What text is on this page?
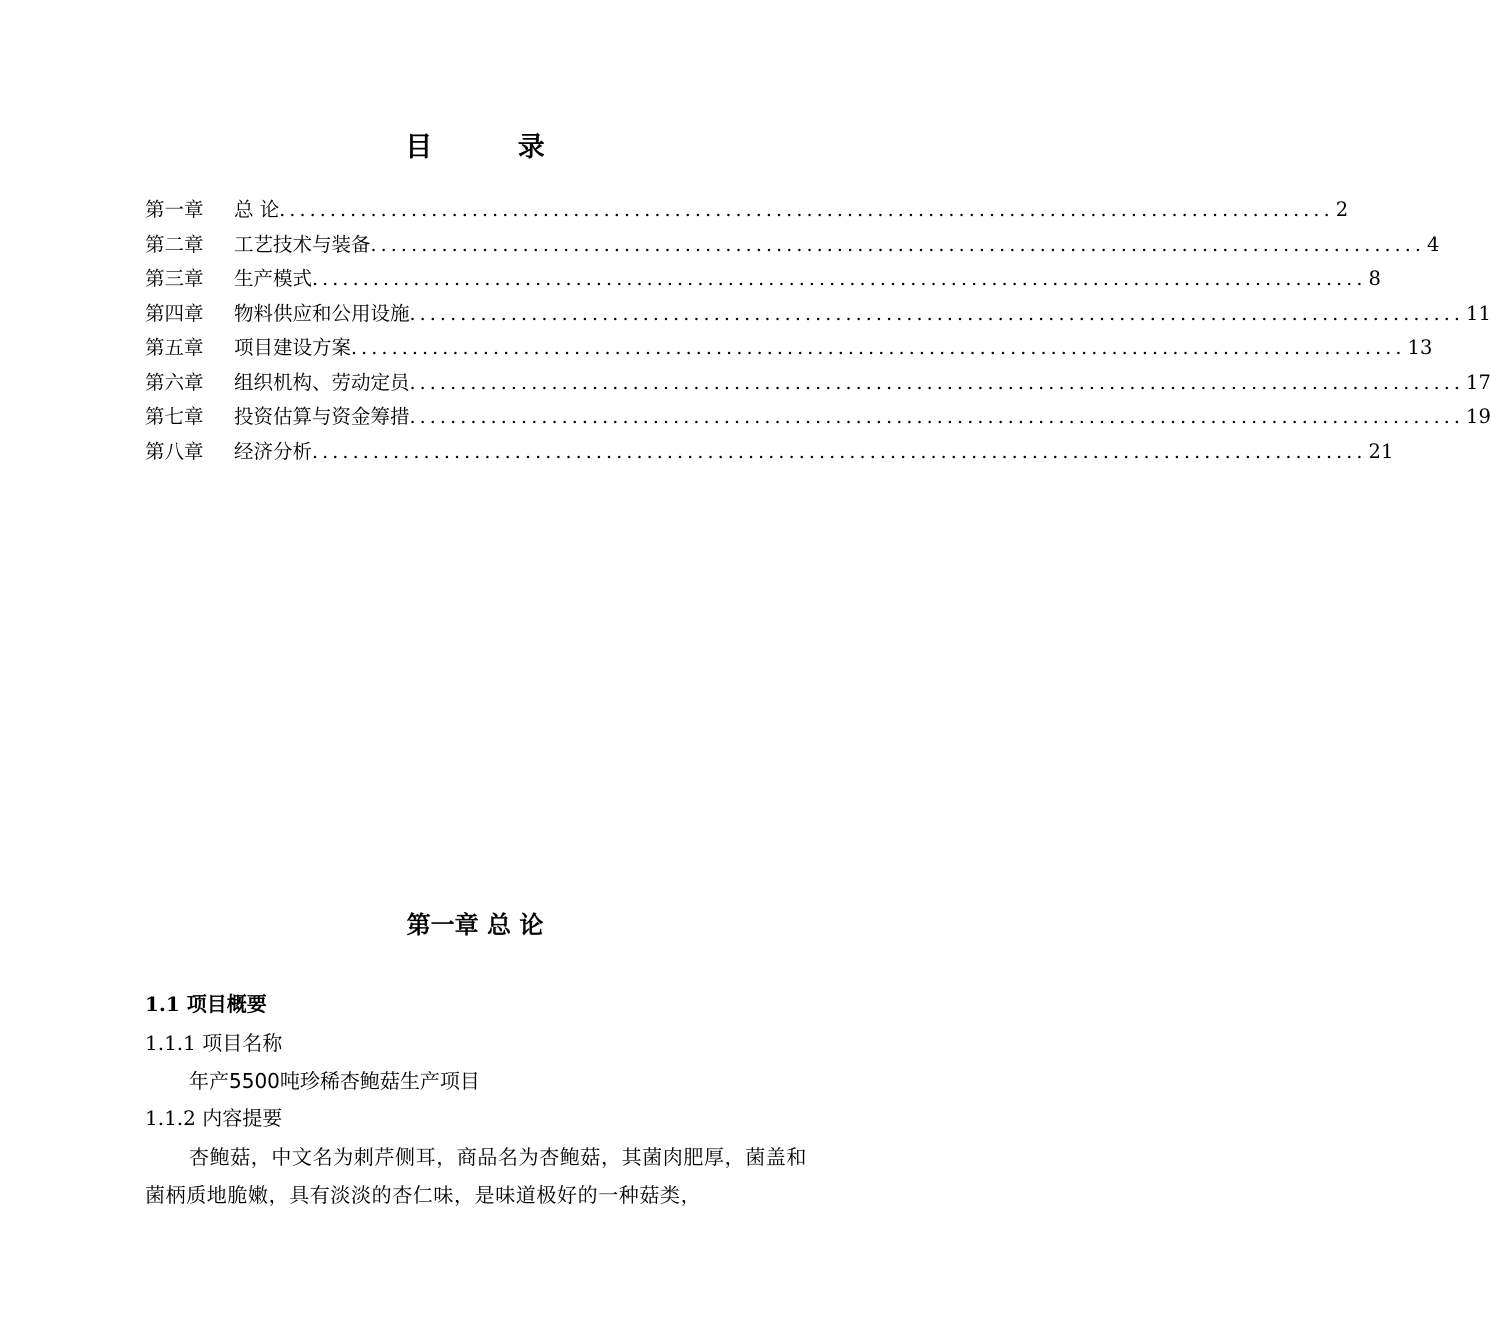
目 录
第一章	总 论 ........................................................................................................ 2
第二章	工艺技术与装备 ........................................................................................................ 4
第三章	生产模式 ........................................................................................................ 8
第四章	物料供应和公用设施 ........................................................................................................ 11
第五章	项目建设方案 ........................................................................................................ 13
第六章	组织机构、劳动定员 ........................................................................................................ 17
第七章	投资估算与资金筹措 ........................................................................................................ 19
第八章	经济分析 ........................................................................................................ 21
第一章 总 论
1.1 项目概要
1.1.1 项目名称
年产5500吨珍稀杏鲍菇生产项目
1.1.2 内容提要
杏鲍菇，中文名为刺芹侧耳，商品名为杏鲍菇，其菌肉肥厚，菌盖和菌柄质地脆嫩，具有淡淡的杏仁味，是味道极好的一种菇类，
